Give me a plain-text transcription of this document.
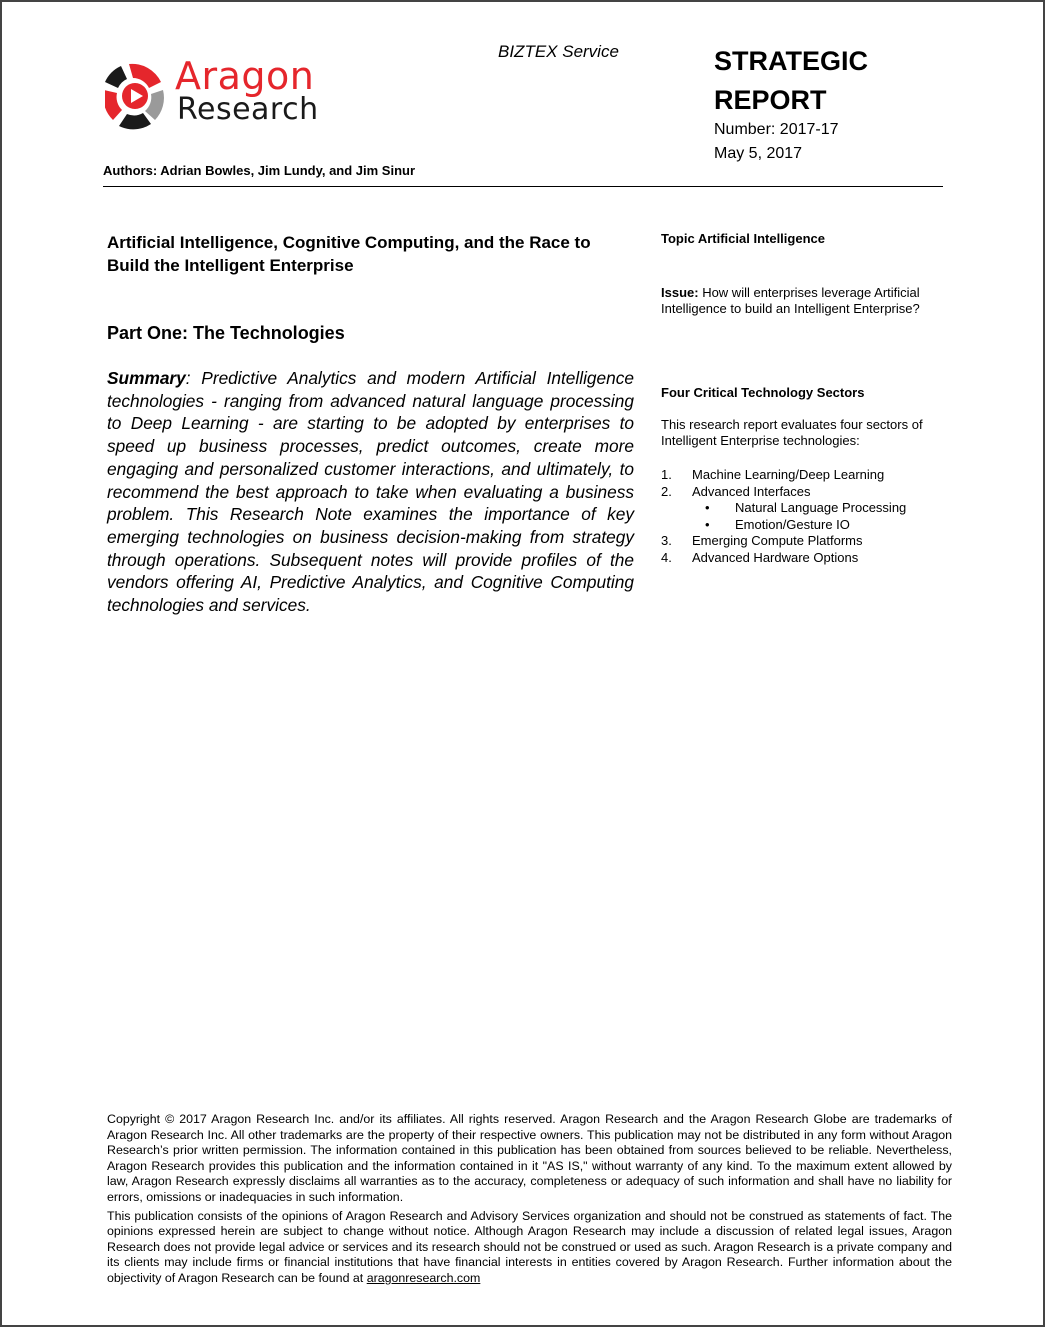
Aragon
Research
BIZTEX Service	STRATEGIC REPORT
Number: 2017-17
May 5, 2017
Authors: Adrian Bowles, Jim Lundy, and Jim Sinur
Artificial Intelligence, Cognitive Computing, and the Race to Build the Intelligent Enterprise
Part One: The Technologies
Summary: Predictive Analytics and modern Artificial Intelligence technologies - ranging from advanced natural language processing to Deep Learning - are starting to be adopted by enterprises to speed up business processes, predict outcomes, create more engaging and personalized customer interactions, and ultimately, to recommend the best approach to take when evaluating a business problem. This Research Note examines the importance of key emerging technologies on business decision-making from strategy through operations. Subsequent notes will provide profiles of the vendors offering AI, Predictive Analytics, and Cognitive Computing technologies and services.
Topic Artificial Intelligence
Issue: How will enterprises leverage Artificial Intelligence to build an Intelligent Enterprise?
Four Critical Technology Sectors
This research report evaluates four sectors of Intelligent Enterprise technologies:
1. Machine Learning/Deep Learning
2. Advanced Interfaces
• Natural Language Processing
• Emotion/Gesture IO
3. Emerging Compute Platforms
4. Advanced Hardware Options

Copyright © 2017 Aragon Research Inc. and/or its affiliates. All rights reserved. Aragon Research and the Aragon Research Globe are trademarks of Aragon Research Inc. All other trademarks are the property of their respective owners. This publication may not be distributed in any form without Aragon Research’s prior written permission. The information contained in this publication has been obtained from sources believed to be reliable. Nevertheless, Aragon Research provides this publication and the information contained in it "AS IS," without warranty of any kind. To the maximum extent allowed by law, Aragon Research expressly disclaims all warranties as to the accuracy, completeness or adequacy of such information and shall have no liability for errors, omissions or inadequacies in such information.

This publication consists of the opinions of Aragon Research and Advisory Services organization and should not be construed as statements of fact. The opinions expressed herein are subject to change without notice. Although Aragon Research may include a discussion of related legal issues, Aragon Research does not provide legal advice or services and its research should not be construed or used as such. Aragon Research is a private company and its clients may include firms or financial institutions that have financial interests in entities covered by Aragon Research. Further information about the objectivity of Aragon Research can be found at aragonresearch.com
